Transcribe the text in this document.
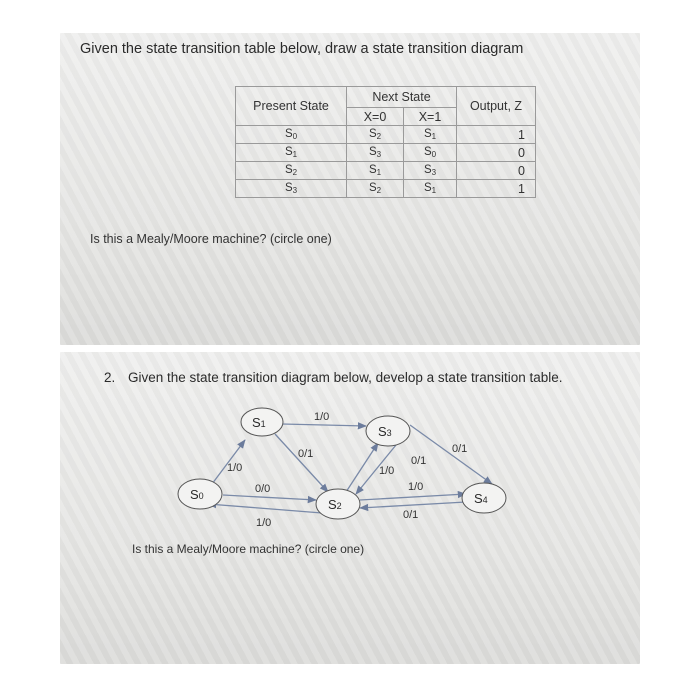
Given the state transition table below, draw a state transition diagram
Present State	Next State		Output, Z
	X=0	X=1	
$S_0$	$S_2$	$S_1$	1
$S_1$	$S_3$	$S_0$	0
$S_2$	$S_1$	$S_3$	0
$S_3$	$S_2$	$S_1$	1
Is this a Mealy/Moore machine? (circle one)
2. Given the state transition diagram below, develop a state transition table.
1/0
0/1
1/0
0/0
1/0
1/0
0/1
0/1
1/0
0/1
S1	S3
S0
S2	S4
Is this a Mealy/Moore machine? (circle one)
